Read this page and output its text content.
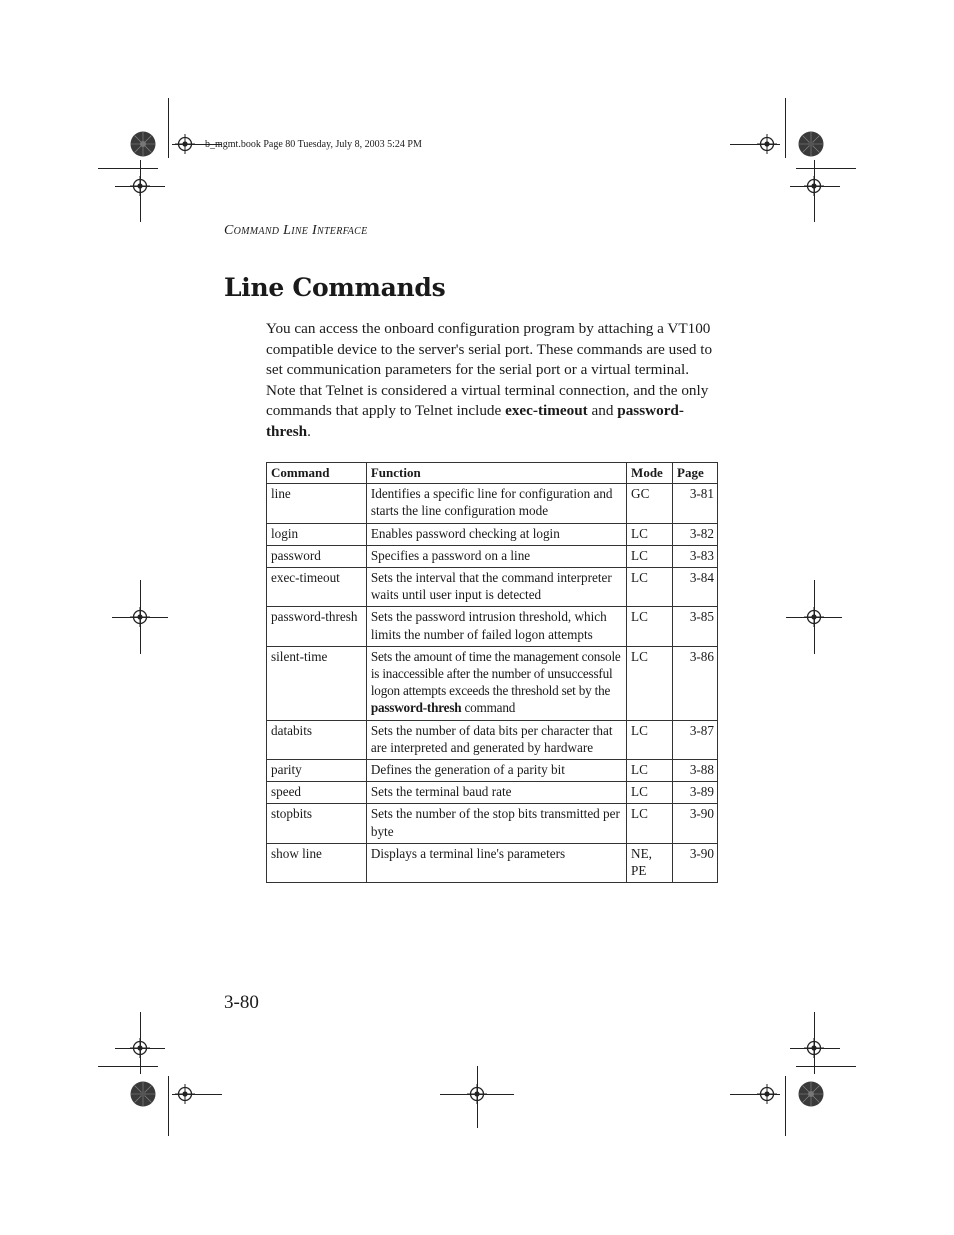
b_mgmt.book Page 80 Tuesday, July 8, 2003 5:24 PM
Command Line Interface
Line Commands

You can access the onboard configuration program by attaching a VT100 compatible device to the server's serial port. These commands are used to set communication parameters for the serial port or a virtual terminal. Note that Telnet is considered a virtual terminal connection, and the only commands that apply to Telnet include exec-timeout and password-thresh.

Command	Function	Mode	Page
line	Identifies a specific line for configuration and starts the line configuration mode	GC	3-81
login	Enables password checking at login	LC	3-82
password	Specifies a password on a line	LC	3-83
exec-timeout	Sets the interval that the command interpreter waits until user input is detected	LC	3-84
password-thresh	Sets the password intrusion threshold, which limits the number of failed logon attempts	LC	3-85
silent-time	Sets the amount of time the management console is inaccessible after the number of unsuccessful logon attempts exceeds the threshold set by the password-thresh command	LC	3-86
databits	Sets the number of data bits per character that are interpreted and generated by hardware	LC	3-87
parity	Defines the generation of a parity bit	LC	3-88
speed	Sets the terminal baud rate	LC	3-89
stopbits	Sets the number of the stop bits transmitted per byte	LC	3-90
show line	Displays a terminal line's parameters	NE, PE	3-90
3-80
